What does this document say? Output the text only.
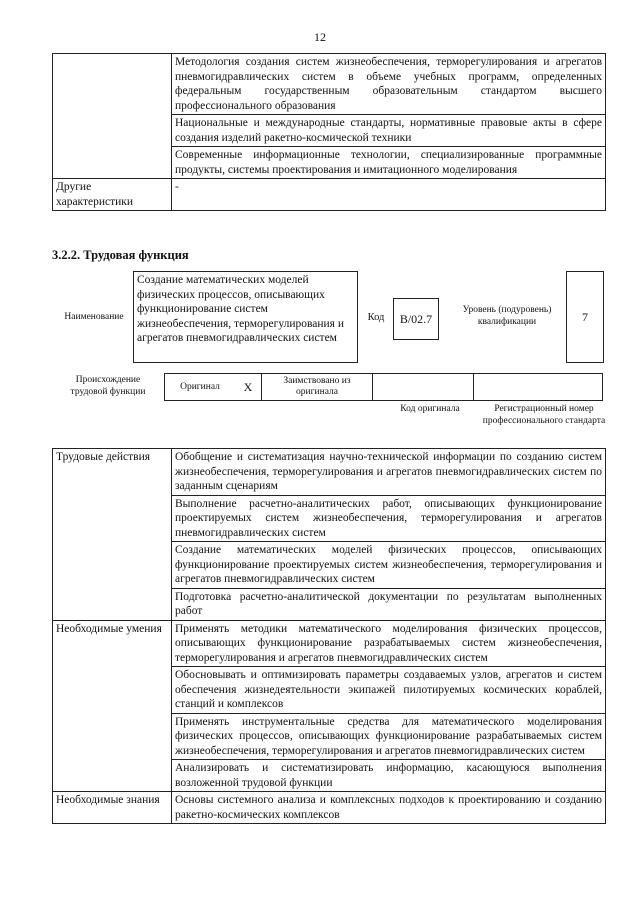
12
	Методология создания систем жизнеобеспечения, терморегулирования и агрегатов пневмогидравлических систем в объеме учебных программ, определенных федеральным государственным образовательным стандартом высшего профессионального образования
	Национальные и международные стандарты, нормативные правовые акты в сфере создания изделий ракетно-космической техники
	Современные информационные технологии, специализированные программные продукты, системы проектирования и имитационного моделирования
Другие характеристики	-
3.2.2. Трудовая функция
Наименование
Создание математических моделей физических процессов, описывающих функционирование систем жизнеобеспечения, терморегулирования и агрегатов пневмогидравлических систем
Код	В/02.7
Уровень (подуровень) квалификации	7
Происхождение трудовой функции
Оригинал	X	Заимствовано из оригинала		
Код оригинала	Регистрационный номер профессионального стандарта
Трудовые действия	Обобщение и систематизация научно-технической информации по созданию систем жизнеобеспечения, терморегулирования и агрегатов пневмогидравлических систем по заданным сценариям
	Выполнение расчетно-аналитических работ, описывающих функционирование проектируемых систем жизнеобеспечения, терморегулирования и агрегатов пневмогидравлических систем
	Создание математических моделей физических процессов, описывающих функционирование проектируемых систем жизнеобеспечения, терморегулирования и агрегатов пневмогидравлических систем
	Подготовка расчетно-аналитической документации по результатам выполненных работ
Необходимые умения	Применять методики математического моделирования физических процессов, описывающих функционирование разрабатываемых систем жизнеобеспечения, терморегулирования и агрегатов пневмогидравлических систем
	Обосновывать и оптимизировать параметры создаваемых узлов, агрегатов и систем обеспечения жизнедеятельности экипажей пилотируемых космических кораблей, станций и комплексов
	Применять инструментальные средства для математического моделирования физических процессов, описывающих функционирование разрабатываемых систем жизнеобеспечения, терморегулирования и агрегатов пневмогидравлических систем
	Анализировать и систематизировать информацию, касающуюся выполнения возложенной трудовой функции
Необходимые знания	Основы системного анализа и комплексных подходов к проектированию и созданию ракетно-космических комплексов
